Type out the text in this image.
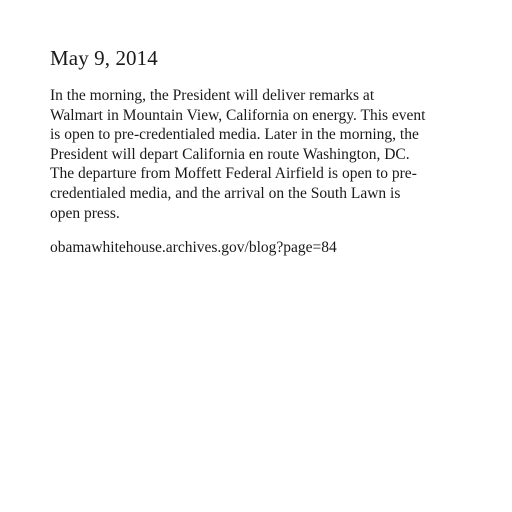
May 9, 2014

In the morning, the President will deliver remarks at
Walmart in Mountain View, California on energy. This event
is open to pre-credentialed media. Later in the morning, the
President will depart California en route Washington, DC.
The departure from Moffett Federal Airfield is open to pre-
credentialed media, and the arrival on the South Lawn is
open press.

obamawhitehouse.archives.gov/blog?page=84
